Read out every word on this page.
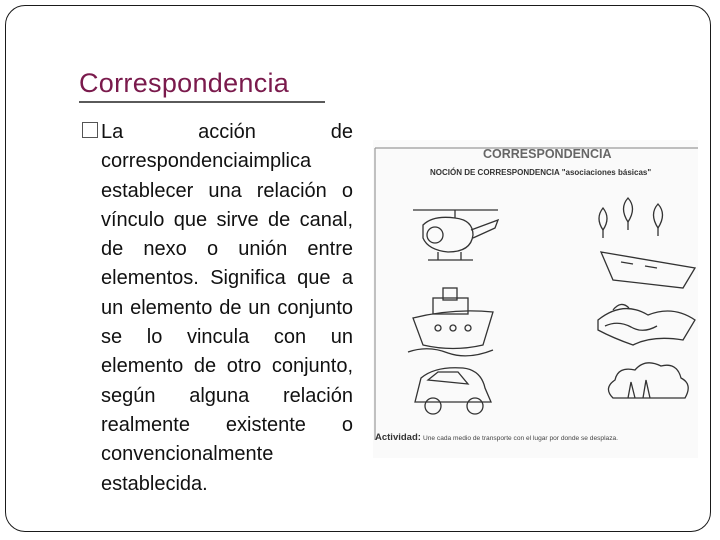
Correspondencia

La acción de correspondenciaimplica establecer una relación o vínculo que sirve de canal, de nexo o unión entre elementos. Significa que a un elemento de un conjunto se lo vincula con un elemento de otro conjunto, según alguna relación realmente existente o convencionalmente establecida.

CORRESPONDENCIA
NOCIÓN DE CORRESPONDENCIA "asociaciones básicas"
Actividad: Une cada medio de transporte con el lugar por donde se desplaza.
